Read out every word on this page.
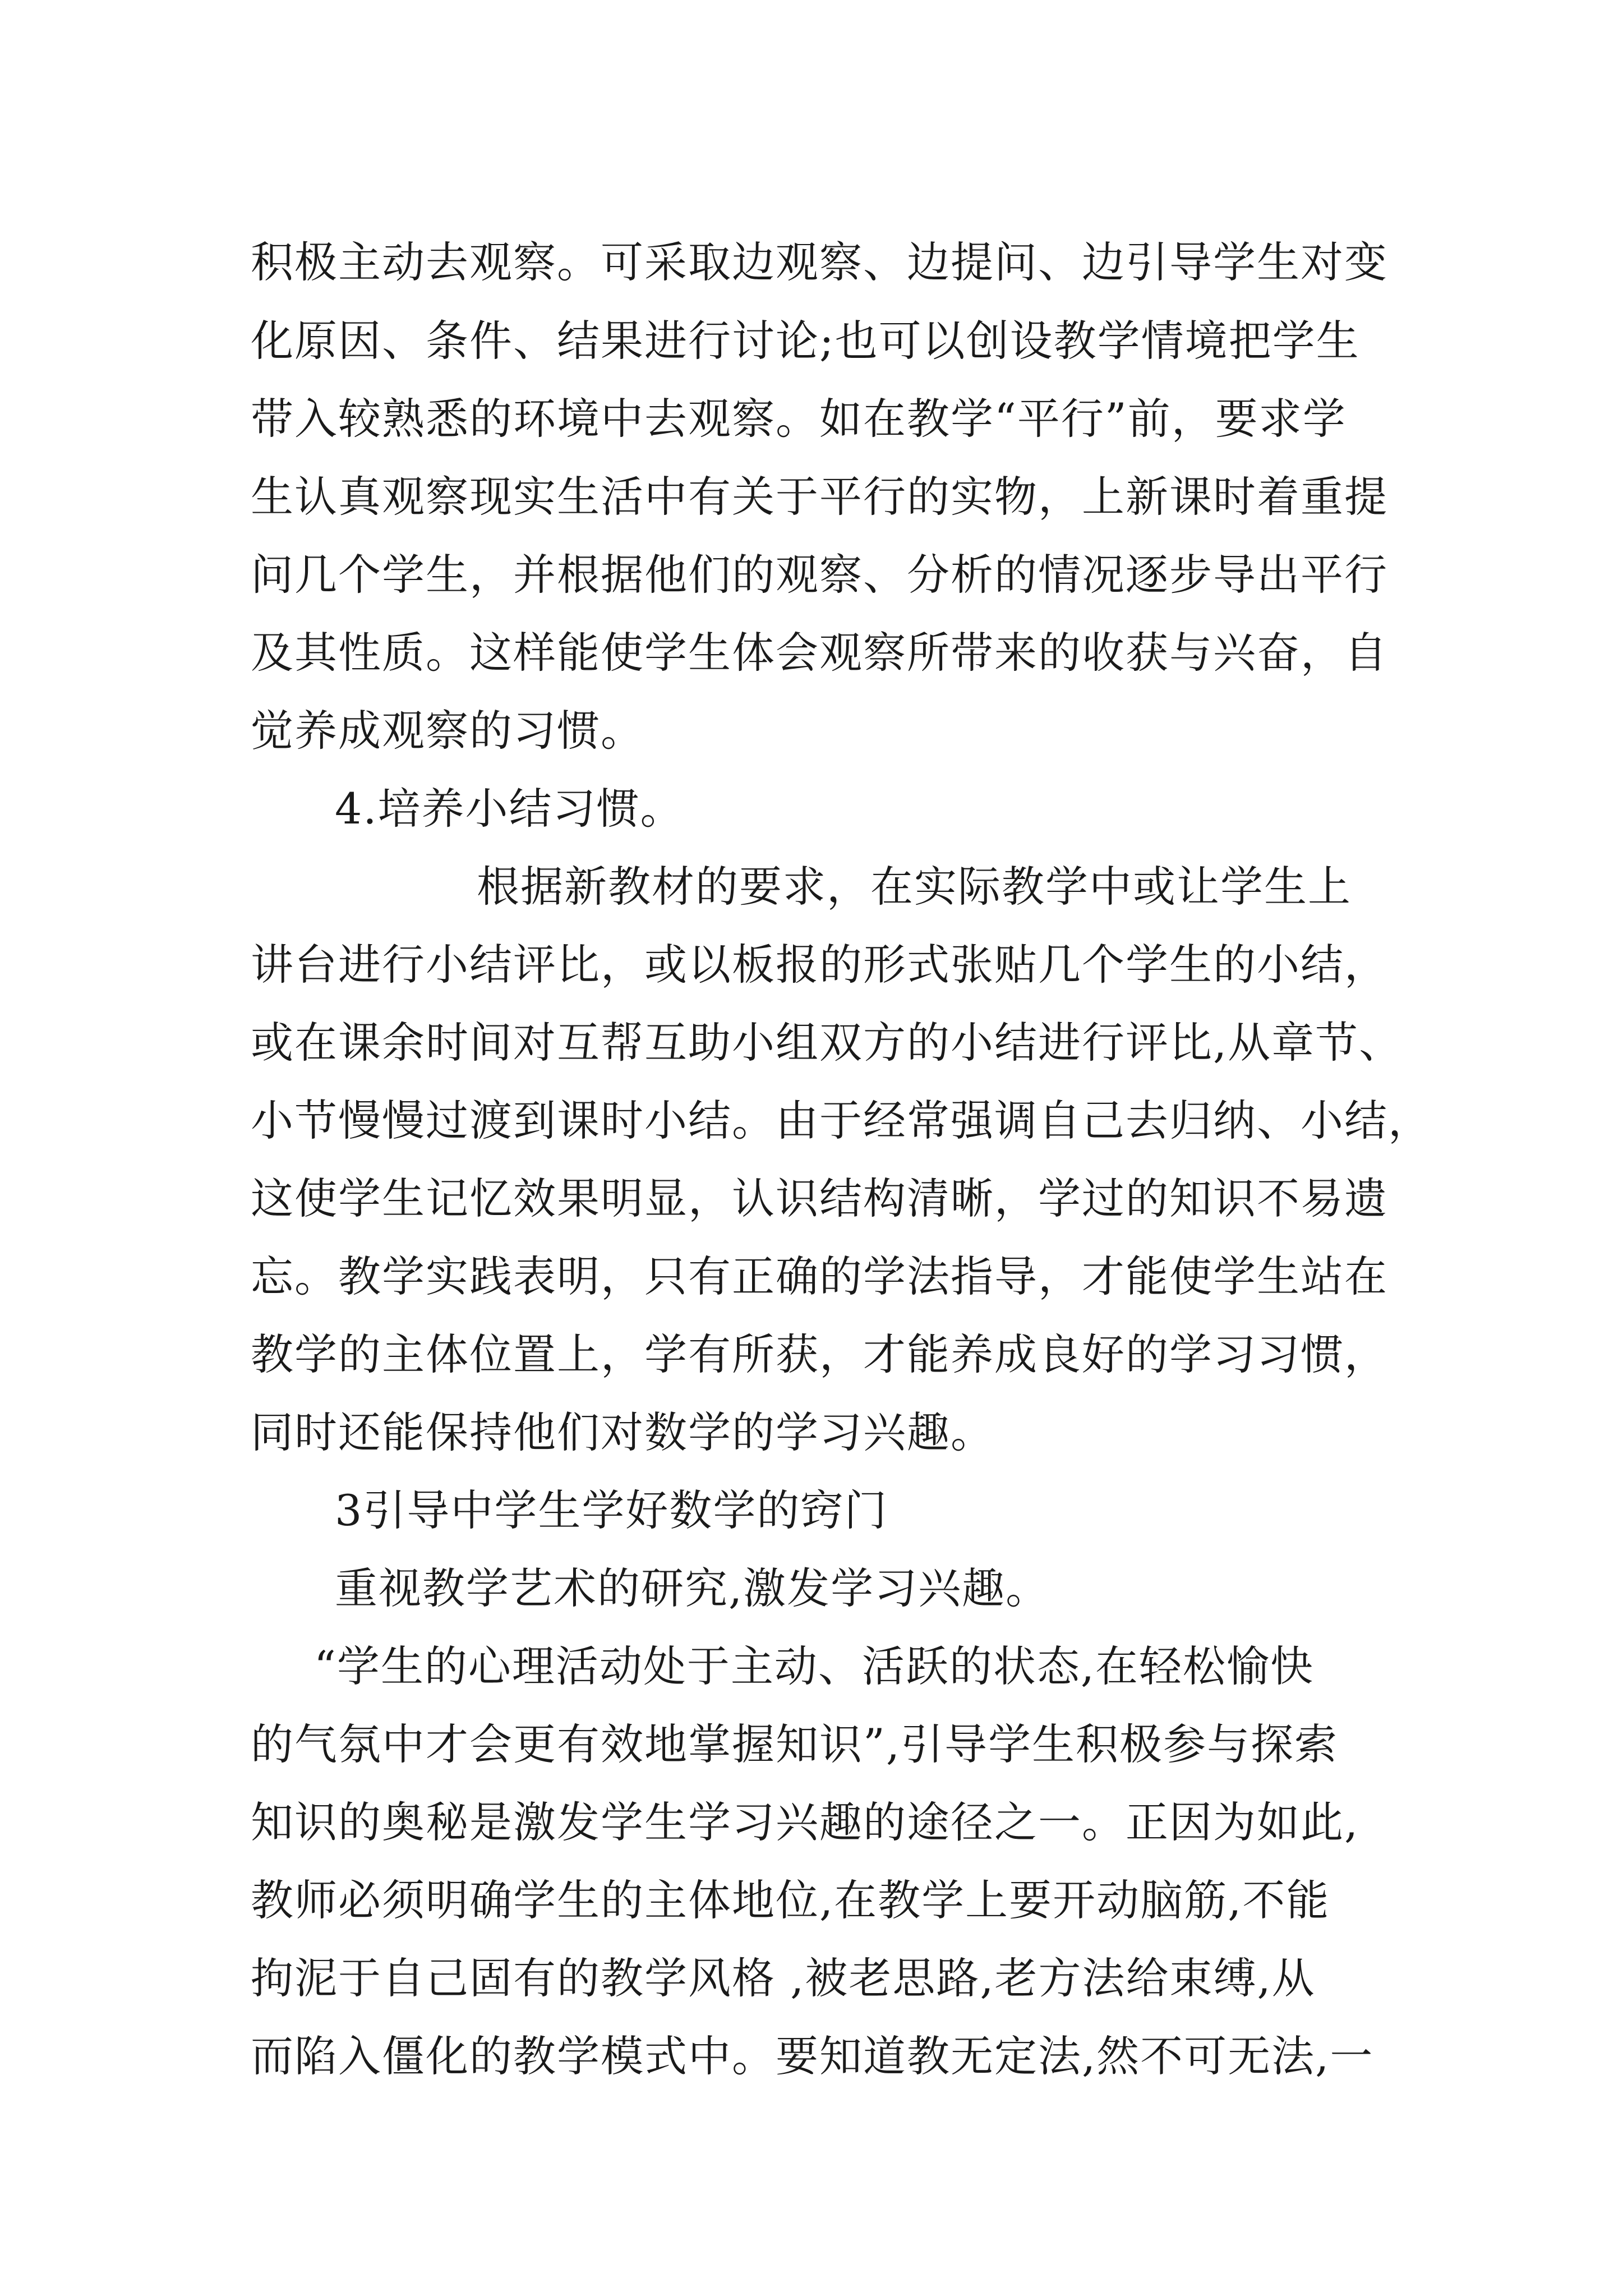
积极主动去观察。可采取边观察、边提问、边引导学生对变
化原因、条件、结果进行讨论;也可以创设教学情境把学生
带入较熟悉的环境中去观察。如在教学“平行”前，要求学
生认真观察现实生活中有关于平行的实物，上新课时着重提
问几个学生，并根据他们的观察、分析的情况逐步导出平行
及其性质。这样能使学生体会观察所带来的收获与兴奋，自
觉养成观察的习惯。
4.培养小结习惯。
根据新教材的要求，在实际教学中或让学生上
讲台进行小结评比，或以板报的形式张贴几个学生的小结，
或在课余时间对互帮互助小组双方的小结进行评比,从章节、
小节慢慢过渡到课时小结。由于经常强调自己去归纳、小结，
这使学生记忆效果明显，认识结构清晰，学过的知识不易遗
忘。教学实践表明，只有正确的学法指导，才能使学生站在
教学的主体位置上，学有所获，才能养成良好的学习习惯，
同时还能保持他们对数学的学习兴趣。
3引导中学生学好数学的窍门
重视教学艺术的研究,激发学习兴趣。
“学生的心理活动处于主动、活跃的状态,在轻松愉快
的气氛中才会更有效地掌握知识”,引导学生积极参与探索
知识的奥秘是激发学生学习兴趣的途径之一。正因为如此,
教师必须明确学生的主体地位,在教学上要开动脑筋,不能
拘泥于自己固有的教学风格 ,被老思路,老方法给束缚,从
而陷入僵化的教学模式中。要知道教无定法,然不可无法,一
